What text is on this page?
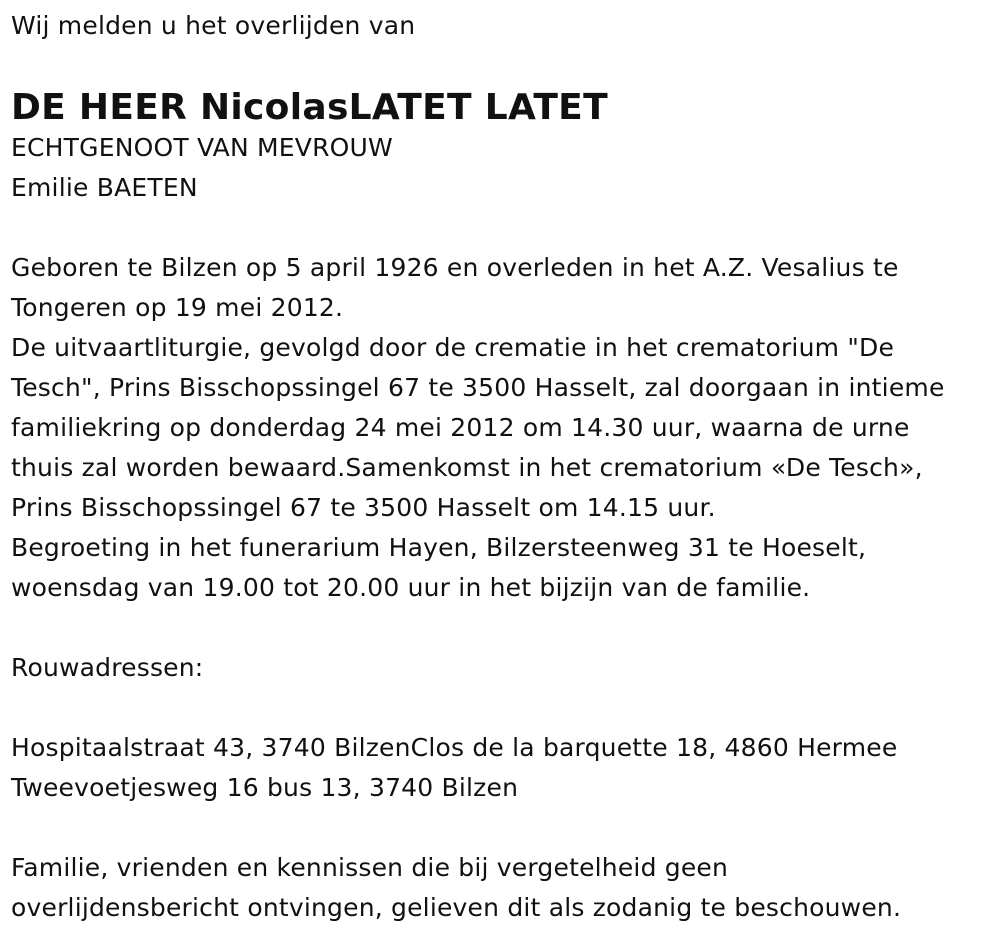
Wij melden u het overlijden van
DE HEER NicolasLATET LATET
ECHTGENOOT VAN MEVROUW
Emilie BAETEN
Geboren te Bilzen op 5 april 1926 en overleden in het A.Z. Vesalius te
Tongeren op 19 mei 2012.
De uitvaartliturgie, gevolgd door de crematie in het crematorium "De
Tesch", Prins Bisschopssingel 67 te 3500 Hasselt, zal doorgaan in intieme
familiekring op donderdag 24 mei 2012 om 14.30 uur, waarna de urne
thuis zal worden bewaard.Samenkomst in het crematorium «De Tesch»,
Prins Bisschopssingel 67 te 3500 Hasselt om 14.15 uur.
Begroeting in het funerarium Hayen, Bilzersteenweg 31 te Hoeselt,
woensdag van 19.00 tot 20.00 uur in het bijzijn van de familie.
Rouwadressen:
Hospitaalstraat 43, 3740 BilzenClos de la barquette 18, 4860 Hermee
Tweevoetjesweg 16 bus 13, 3740 Bilzen
Familie, vrienden en kennissen die bij vergetelheid geen
overlijdensbericht ontvingen, gelieven dit als zodanig te beschouwen.
